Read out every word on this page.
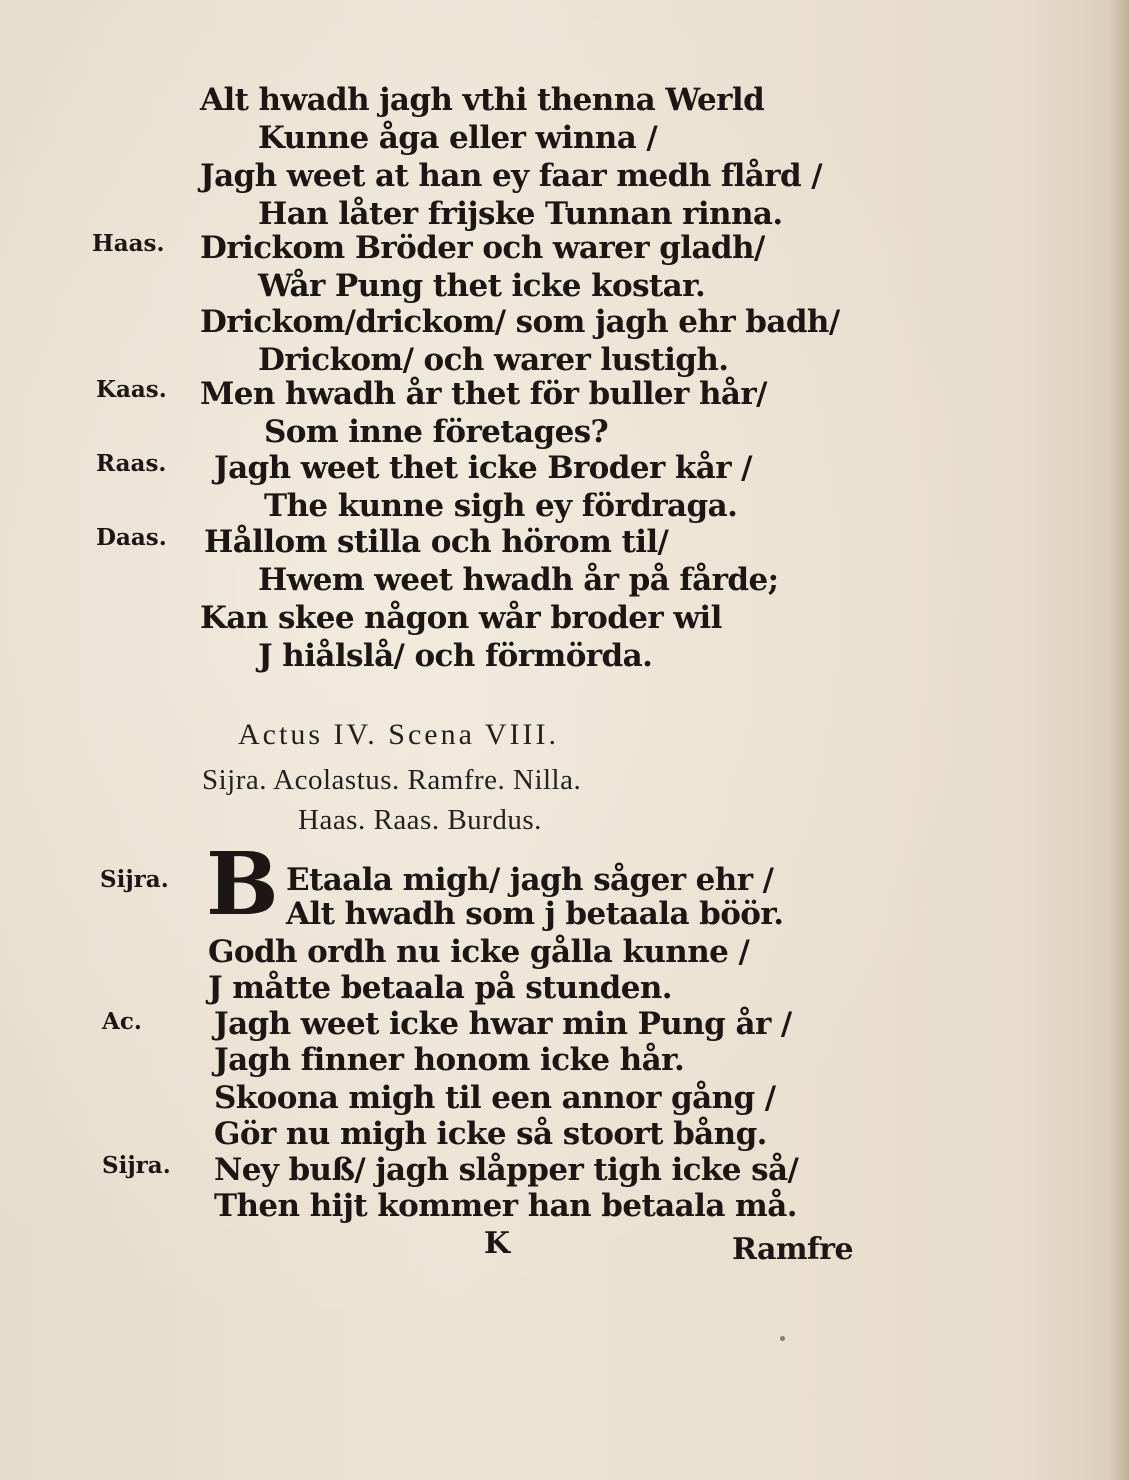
Alt hwadh jagh vthi thenna Werld
Kunne åga eller winna /
Jagh weet at han ey faar medh flård /
Han låter frijske Tunnan rinna.
Haas. Drickom Bröder och warer gladh/
Wår Pung thet icke kostar.
Drickom/drickom/ som jagh ehr badh/
Drickom/ och warer lustigh.
Kaas. Men hwadh år thet för buller hår/
Som inne företages?
Raas. Jagh weet thet icke Broder kår /
The kunne sigh ey fördraga.
Daas. Hållom stilla och hörom til/
Hwem weet hwadh år på fårde;
Kan skee någon wår broder wil
J hiålslå/ och förmörda.
Actus IV. Scena VIII.
Sijra. Acolastus. Ramfre. Nilla.
Haas. Raas. Burdus.
B
Sijra.	Etaala migh/ jagh såger ehr /
Alt hwadh som j betaala böör.
Godh ordh nu icke gålla kunne /
J måtte betaala på stunden.
Ac. Jagh weet icke hwar min Pung år /
Jagh finner honom icke hår.
Skoona migh til een annor gång /
Gör nu migh icke så stoort bång.
Sijra. Ney buß/ jagh slåpper tigh icke så/
Then hijt kommer han betaala må.
K	Ramfre
